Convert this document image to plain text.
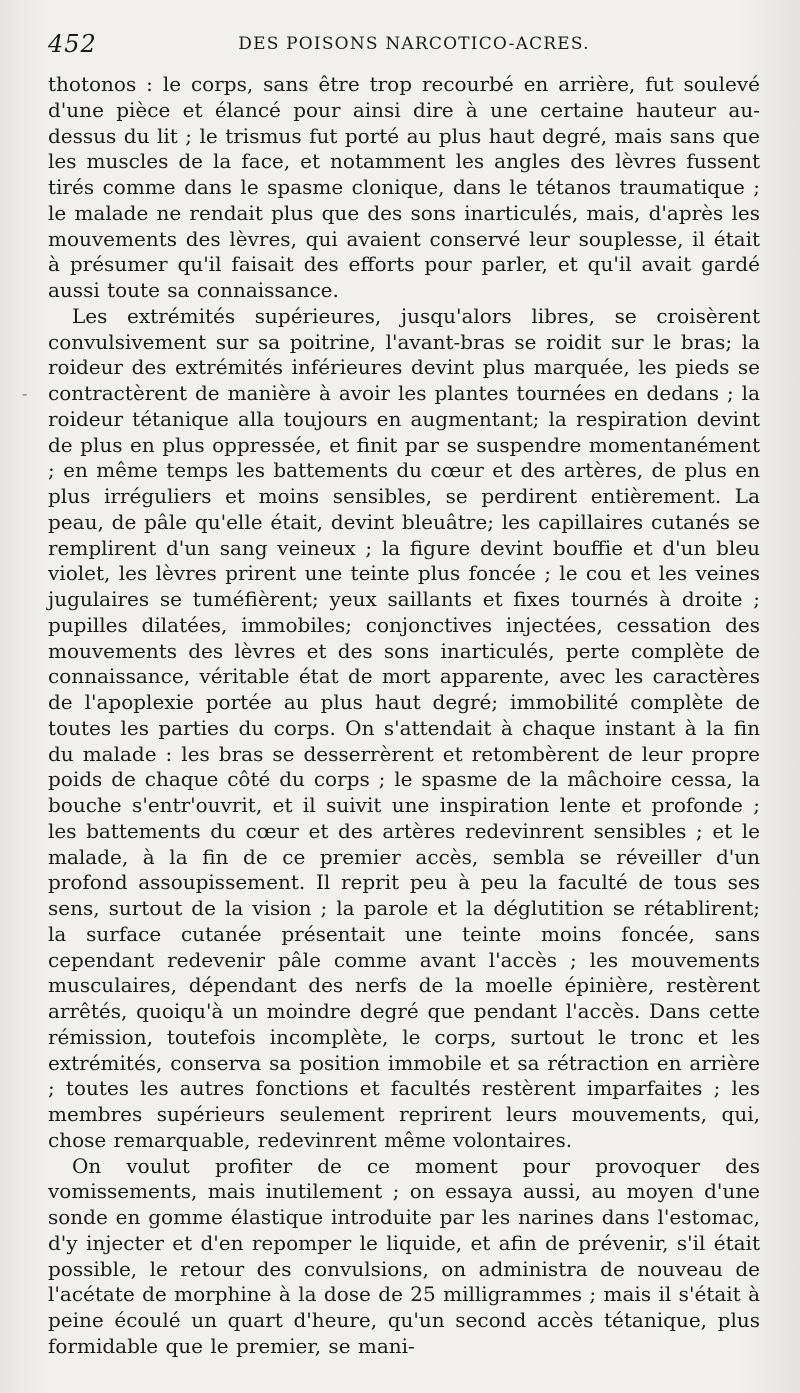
452	DES POISONS NARCOTICO-ACRES.
-

thotonos : le corps, sans être trop recourbé en arrière, fut soulevé d'une pièce et élancé pour ainsi dire à une certaine hauteur au-dessus du lit ; le trismus fut porté au plus haut degré, mais sans que les muscles de la face, et notamment les angles des lèvres fussent tirés comme dans le spasme clonique, dans le tétanos traumatique ; le malade ne rendait plus que des sons inarticulés, mais, d'après les mouvements des lèvres, qui avaient conservé leur souplesse, il était à présumer qu'il faisait des efforts pour parler, et qu'il avait gardé aussi toute sa connaissance.

Les extrémités supérieures, jusqu'alors libres, se croisèrent convulsivement sur sa poitrine, l'avant-bras se roidit sur le bras; la roideur des extrémités inférieures devint plus marquée, les pieds se contractèrent de manière à avoir les plantes tournées en dedans ; la roideur tétanique alla toujours en augmentant; la respiration devint de plus en plus oppressée, et finit par se suspendre momentanément ; en même temps les battements du cœur et des artères, de plus en plus irréguliers et moins sensibles, se perdirent entièrement. La peau, de pâle qu'elle était, devint bleuâtre; les capillaires cutanés se remplirent d'un sang veineux ; la figure devint bouffie et d'un bleu violet, les lèvres prirent une teinte plus foncée ; le cou et les veines jugulaires se tuméfièrent; yeux saillants et fixes tournés à droite ; pupilles dilatées, immobiles; conjonctives injectées, cessation des mouvements des lèvres et des sons inarticulés, perte complète de connaissance, véritable état de mort apparente, avec les caractères de l'apoplexie portée au plus haut degré; immobilité complète de toutes les parties du corps. On s'attendait à chaque instant à la fin du malade : les bras se desserrèrent et retombèrent de leur propre poids de chaque côté du corps ; le spasme de la mâchoire cessa, la bouche s'entr'ouvrit, et il suivit une inspiration lente et profonde ; les battements du cœur et des artères redevinrent sensibles ; et le malade, à la fin de ce premier accès, sembla se réveiller d'un profond assoupissement. Il reprit peu à peu la faculté de tous ses sens, surtout de la vision ; la parole et la déglutition se rétablirent; la surface cutanée présentait une teinte moins foncée, sans cependant redevenir pâle comme avant l'accès ; les mouvements musculaires, dépendant des nerfs de la moelle épinière, restèrent arrêtés, quoiqu'à un moindre degré que pendant l'accès. Dans cette rémission, toutefois incomplète, le corps, surtout le tronc et les extrémités, conserva sa position immobile et sa rétraction en arrière ; toutes les autres fonctions et facultés restèrent imparfaites ; les membres supérieurs seulement reprirent leurs mouvements, qui, chose remarquable, redevinrent même volontaires.

On voulut profiter de ce moment pour provoquer des vomissements, mais inutilement ; on essaya aussi, au moyen d'une sonde en gomme élastique introduite par les narines dans l'estomac, d'y injecter et d'en repomper le liquide, et afin de prévenir, s'il était possible, le retour des convulsions, on administra de nouveau de l'acétate de morphine à la dose de 25 milligrammes ; mais il s'était à peine écoulé un quart d'heure, qu'un second accès tétanique, plus formidable que le premier, se mani-
